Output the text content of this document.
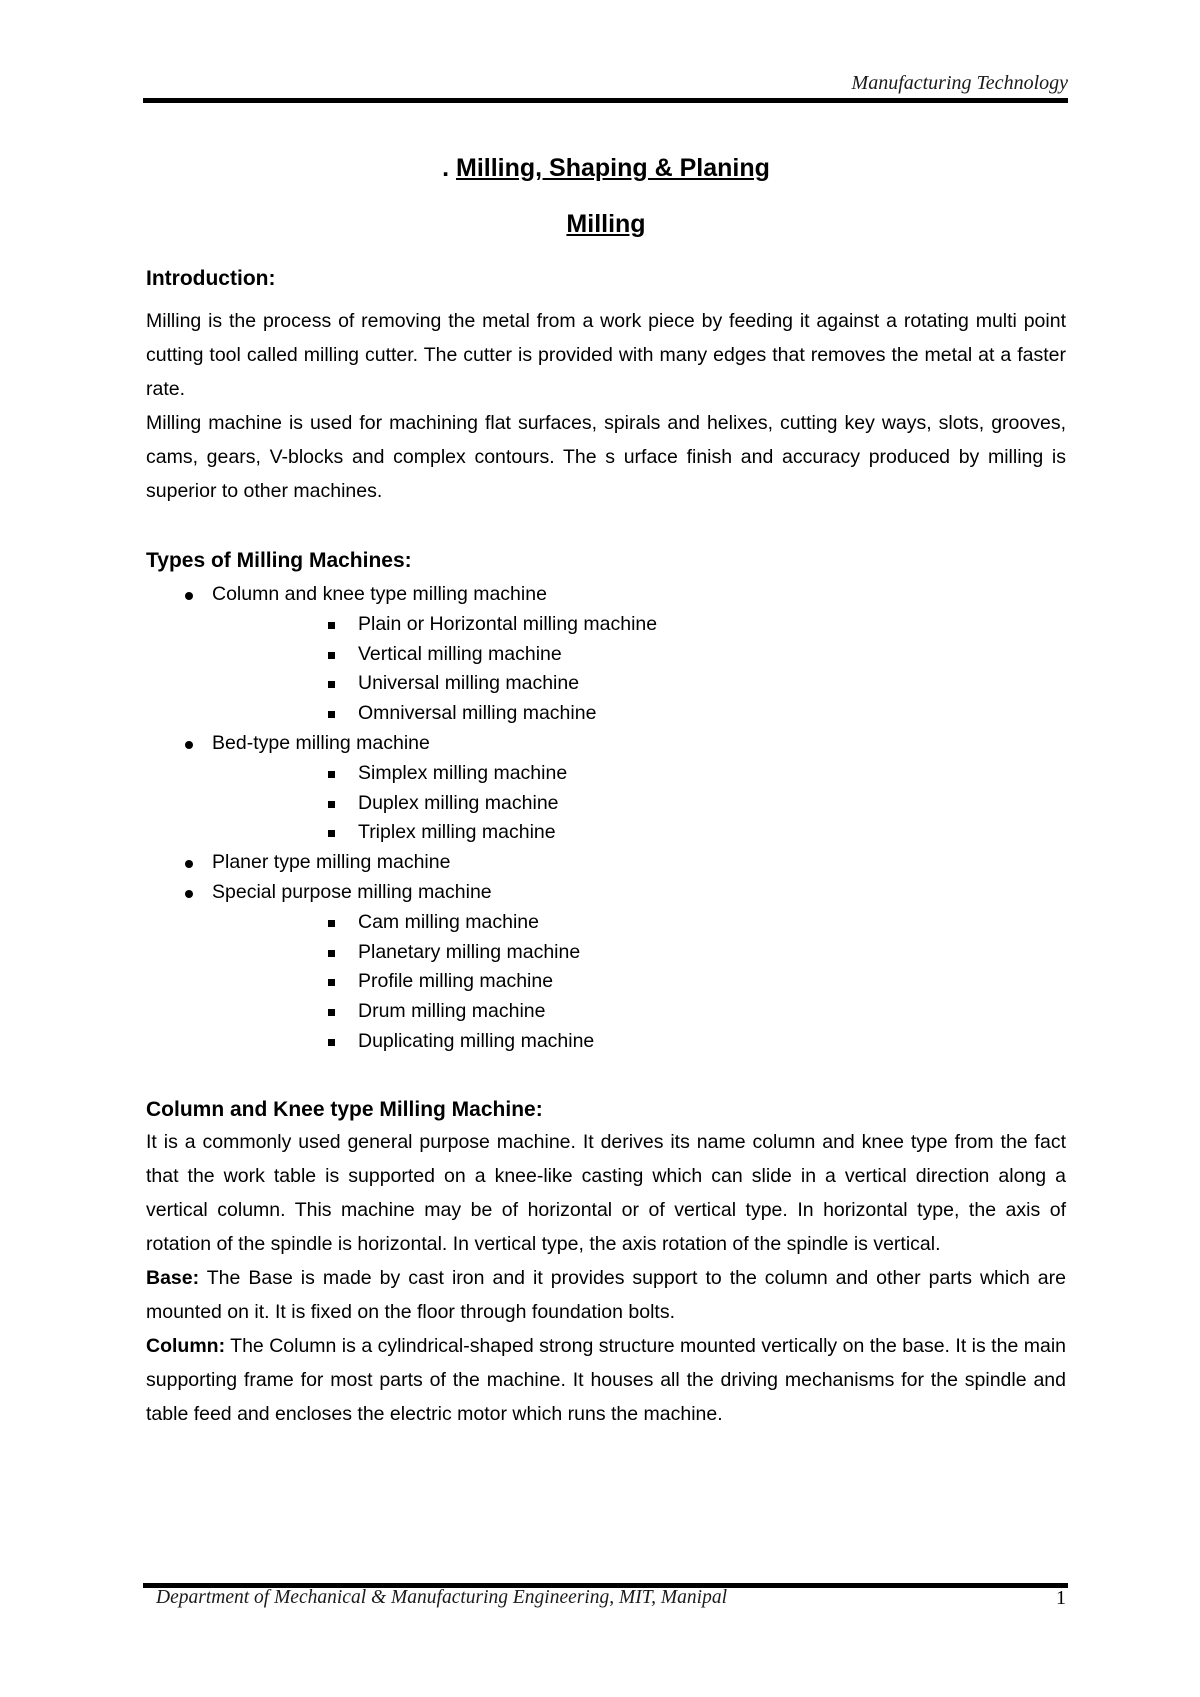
Manufacturing Technology
. Milling, Shaping & Planing
Milling
Introduction:

Milling is the process of removing the metal from a work piece by feeding it against a rotating multi point cutting tool called milling cutter. The cutter is provided with many edges that removes the metal at a faster rate.

Milling machine is used for machining flat surfaces, spirals and helixes, cutting key ways, slots, grooves, cams, gears, V-blocks and complex contours. The s urface finish and accuracy produced by milling is superior to other machines.

Types of Milling Machines:
Column and knee type milling machine
Plain or Horizontal milling machine
Vertical milling machine
Universal milling machine
Omniversal milling machine
Bed-type milling machine
Simplex milling machine
Duplex milling machine
Triplex milling machine
Planer type milling machine
Special purpose milling machine
Cam milling machine
Planetary milling machine
Profile milling machine
Drum milling machine
Duplicating milling machine
Column and Knee type Milling Machine:

It is a commonly used general purpose machine. It derives its name column and knee type from the fact that the work table is supported on a knee-like casting which can slide in a vertical direction along a vertical column. This machine may be of horizontal or of vertical type. In horizontal type, the axis of rotation of the spindle is horizontal. In vertical type, the axis rotation of the spindle is vertical.

Base: The Base is made by cast iron and it provides support to the column and other parts which are mounted on it. It is fixed on the floor through foundation bolts.

Column: The Column is a cylindrical-shaped strong structure mounted vertically on the base. It is the main supporting frame for most parts of the machine. It houses all the driving mechanisms for the spindle and table feed and encloses the electric motor which runs the machine.

Department of Mechanical & Manufacturing Engineering, MIT, Manipal	1
